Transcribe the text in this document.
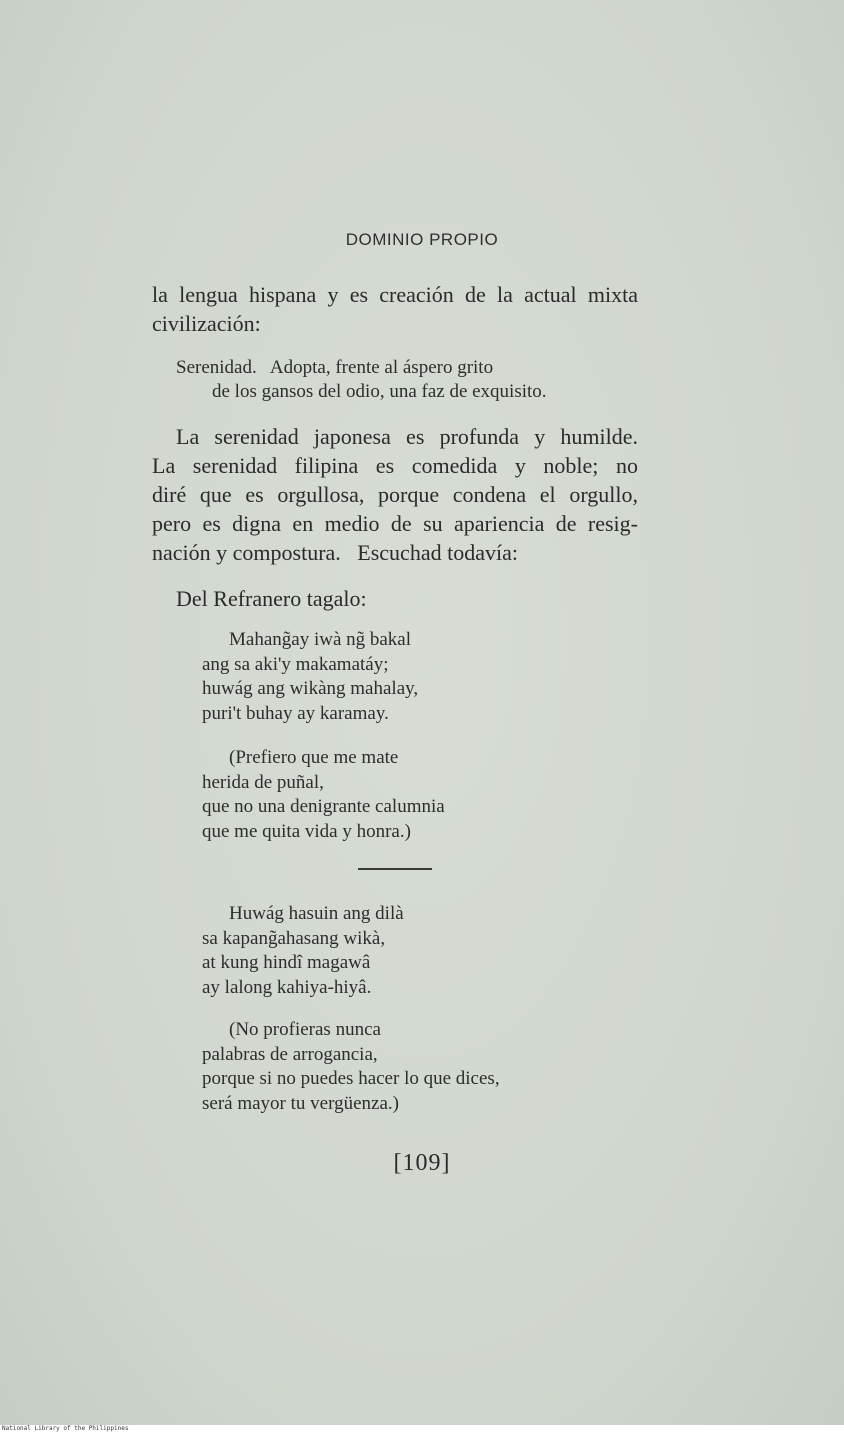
DOMINIO PROPIO
la lengua hispana y es creación de la actual mixta
civilización:
Serenidad.   Adopta, frente al áspero grito
de los gansos del odio, una faz de exquisito.
La serenidad japonesa es profunda y humilde.
La serenidad filipina es comedida y noble; no
diré que es orgullosa, porque condena el orgullo,
pero es digna en medio de su apariencia de resig-
nación y compostura.   Escuchad todavía:
Del Refranero tagalo:
Mahang̃ay iwà ng̃ bakal
ang sa aki'y makamatáy;
huwág ang wikàng mahalay,
puri't buhay ay karamay.
(Prefiero que me mate
herida de puñal,
que no una denigrante calumnia
que me quita vida y honra.)
Huwág hasuin ang dilà
sa kapang̃ahasang wikà,
at kung hindî magawâ
ay lalong kahiya-hiyâ.
(No profieras nunca
palabras de arrogancia,
porque si no puedes hacer lo que dices,
será mayor tu vergüenza.)
[109]
National Library of the Philippines
